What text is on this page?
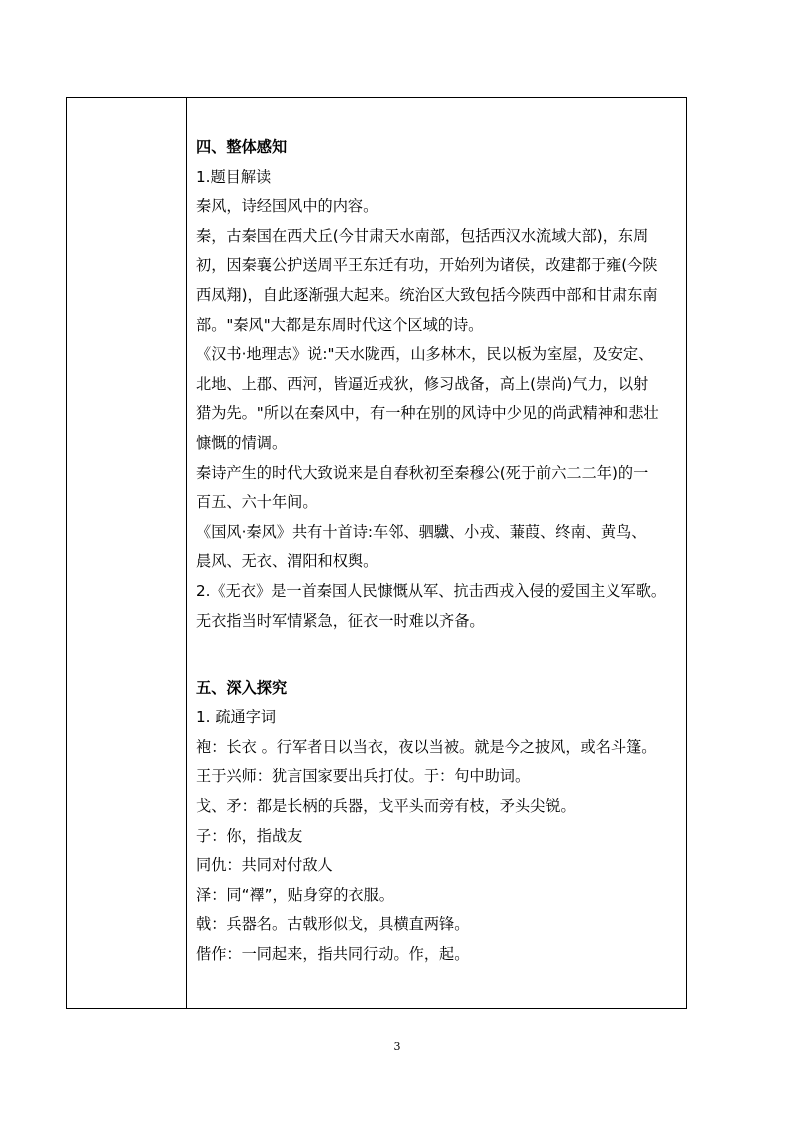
四、整体感知
1.题目解读
秦风，诗经国风中的内容。
秦，古秦国在西犬丘(今甘肃天水南部，包括西汉水流域大部)，东周
初，因秦襄公护送周平王东迁有功，开始列为诸侯，改建都于雍(今陕
西凤翔)，自此逐渐强大起来。统治区大致包括今陕西中部和甘肃东南
部。"秦风"大都是东周时代这个区域的诗。
《汉书·地理志》说:"天水陇西，山多林木，民以板为室屋，及安定、
北地、上郡、西河，皆逼近戎狄，修习战备，高上(崇尚)气力，以射
猎为先。"所以在秦风中，有一种在别的风诗中少见的尚武精神和悲壮
慷慨的情调。
秦诗产生的时代大致说来是自春秋初至秦穆公(死于前六二二年)的一
百五、六十年间。
《国风·秦风》共有十首诗:车邻、驷驖、小戎、蒹葭、终南、黄鸟、
晨风、无衣、渭阳和权舆。
2.《无衣》是一首秦国人民慷慨从军、抗击西戎入侵的爱国主义军歌。
无衣指当时军情紧急，征衣一时难以齐备。
五、深入探究
1. 疏通字词
袍：长衣 。行军者日以当衣，夜以当被。就是今之披风，或名斗篷。
王于兴师：犹言国家要出兵打仗。于：句中助词。
戈、矛：都是长柄的兵器，戈平头而旁有枝，矛头尖锐。
子：你，指战友
同仇：共同对付敌人
泽：同“襗”，贴身穿的衣服。
戟：兵器名。古戟形似戈，具横直两锋。
偕作：一同起来，指共同行动。作，起。
3
